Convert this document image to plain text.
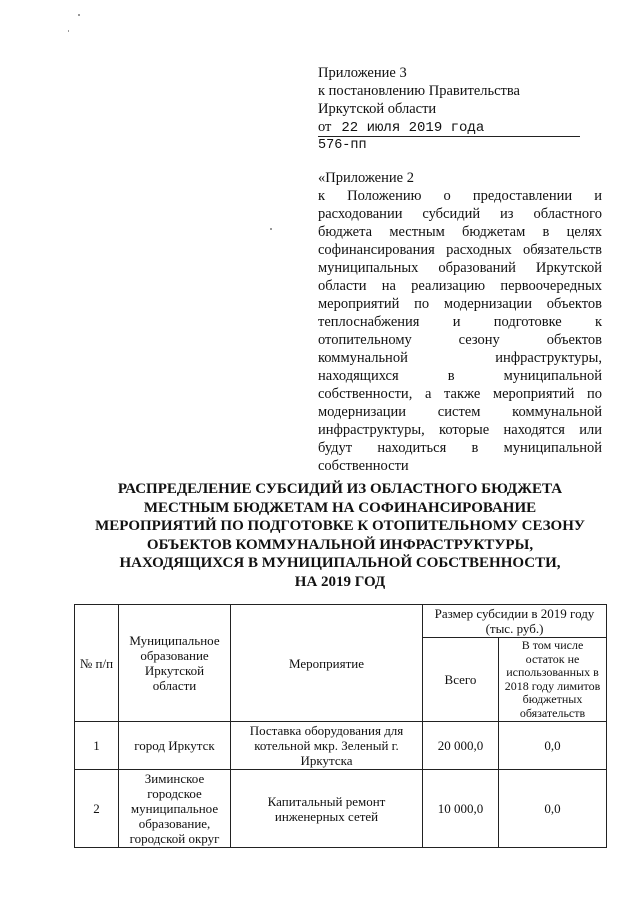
Приложение 3
к постановлению Правительства
Иркутской области
от 22 июля 2019 года
576-пп
«Приложение 2

к Положению о предоставлении и расходовании субсидий из областного бюджета местным бюджетам в целях софинансирования расходных обязательств муниципальных образований Иркутской области на реализацию первоочередных мероприятий по модернизации объектов теплоснабжения и подготовке к отопительному сезону объектов коммунальной инфраструктуры, находящихся в муниципальной собственности, а также мероприятий по модернизации систем коммунальной инфраструктуры, которые находятся или будут находиться в муниципальной собственности

РАСПРЕДЕЛЕНИЕ СУБСИДИЙ ИЗ ОБЛАСТНОГО БЮДЖЕТА
МЕСТНЫМ БЮДЖЕТАМ НА СОФИНАНСИРОВАНИЕ
МЕРОПРИЯТИЙ ПО ПОДГОТОВКЕ К ОТОПИТЕЛЬНОМУ СЕЗОНУ
ОБЪЕКТОВ КОММУНАЛЬНОЙ ИНФРАСТРУКТУРЫ,
НАХОДЯЩИХСЯ В МУНИЦИПАЛЬНОЙ СОБСТВЕННОСТИ,
НА 2019 ГОД
№ п/п	Муниципальное образование Иркутской области	Мероприятие	Размер субсидии в 2019 году (тыс. руб.)	
			Всего	В том числе остаток не использованных в 2018 году лимитов бюджетных обязательств
1	город Иркутск	Поставка оборудования для котельной мкр. Зеленый г. Иркутска	20 000,0	0,0
2	Зиминское городское муниципальное образование, городской округ	Капитальный ремонт инженерных сетей	10 000,0	0,0
